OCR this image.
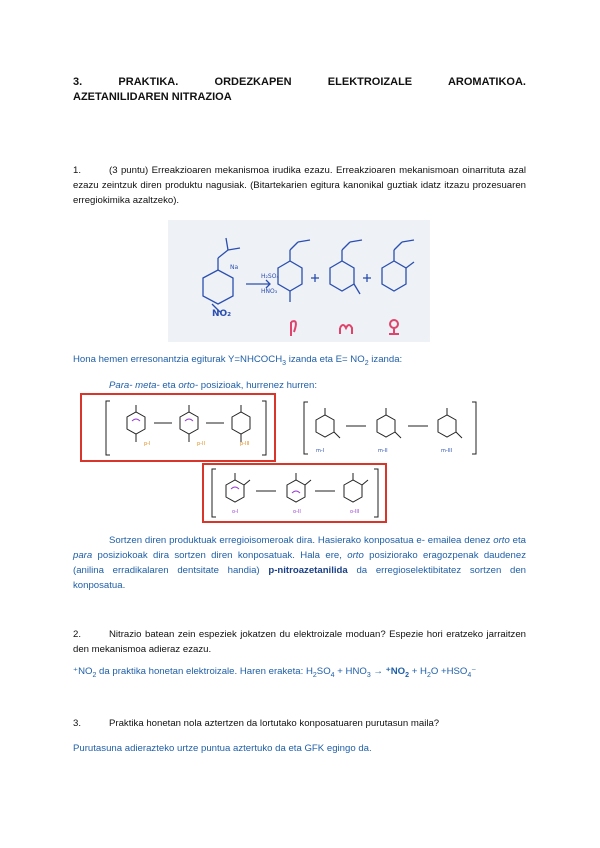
3. PRAKTIKA. ORDEZKAPEN ELEKTROIZALE AROMATIKOA.
AZETANILIDAREN NITRAZIOA
1.	(3 puntu) Erreakzioaren mekanismoa irudika ezazu. Erreakzioaren mekanismoan oinarrituta azal ezazu zeintzuk diren produktu nagusiak. (Bitartekarien egitura kanonikal guztiak idatz itzazu prozesuaren erregiokimika azaltzeko).
Na
H₂SO₄
HNO₃
NO₂
Hona hemen erresonantzia egiturak $Y=NHCOCH_3$ izanda eta $E= NO_2$ izanda:
Para- meta- eta orto- posizioak, hurrenez hurren:
p-I	p-II	p-III
m-I	m-II	m-III
o-I	o-II	o-III
Sortzen diren produktuak erregioisomeroak dira. Hasierako konposatua e- emailea denez orto eta para posiziokoak dira sortzen diren konposatuak. Hala ere, orto posiziorako eragozpenak daudenez (anilina erradikalaren dentsitate handia) p-nitroazetanilida da erregioselektibitatez sortzen den konposatua.
2.	Nitrazio batean zein espeziek jokatzen du elektroizale moduan? Espezie hori eratzeko jarraitzen den mekanismoa adieraz ezazu.
$^+NO_2$ da praktika honetan elektroizale. Haren eraketa: $H_2SO_4 + HNO_3 \to ^+NO_2 + H_2O +HSO_4^-$
3.	Praktika honetan nola aztertzen da lortutako konposatuaren purutasun maila?
Purutasuna adierazteko urtze puntua aztertuko da eta GFK egingo da.
